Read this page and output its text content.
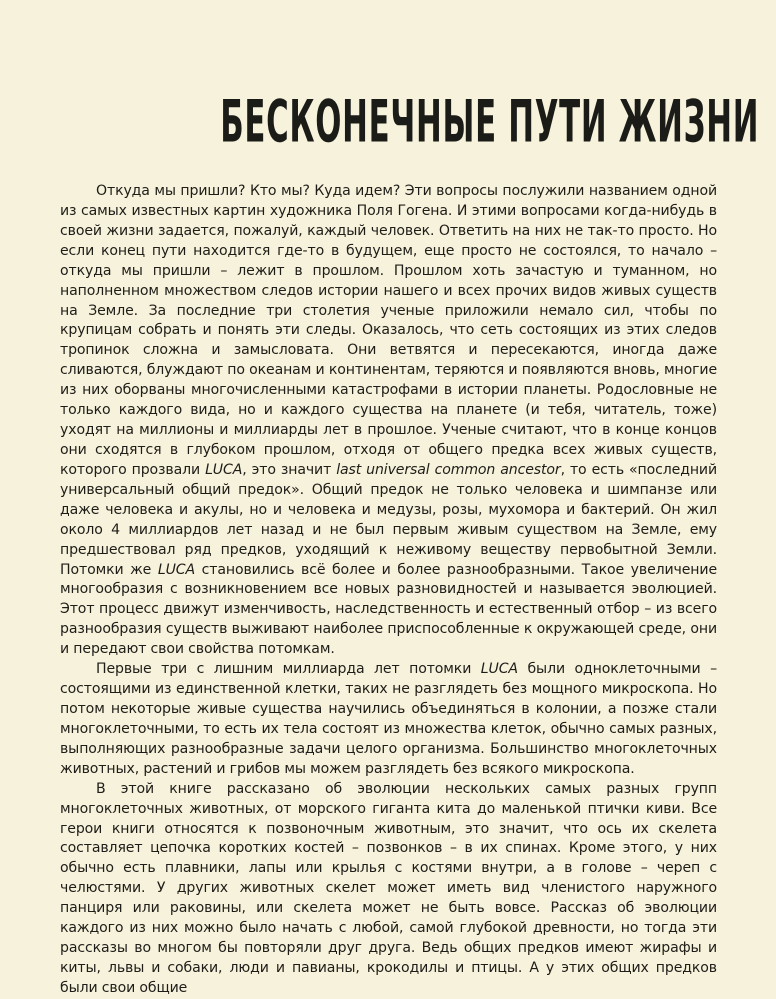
БЕСКОНЕЧНЫЕ ПУТИ ЖИЗНИ

Откуда мы пришли? Кто мы? Куда идем? Эти вопросы послужили названием одной из самых известных картин художника Поля Гогена. И этими вопросами когда-нибудь в своей жизни задается, пожалуй, каждый человек. Ответить на них не так-то просто. Но если конец пути находится где-то в будущем, еще просто не состоялся, то начало – откуда мы пришли – лежит в прошлом. Прошлом хоть зачастую и туманном, но наполненном множеством следов истории нашего и всех прочих видов живых существ на Земле. За последние три столетия ученые приложили немало сил, чтобы по крупицам собрать и понять эти следы. Оказалось, что сеть состоящих из этих следов тропинок сложна и замысловата. Они ветвятся и пересекаются, иногда даже сливаются, блуждают по океанам и континентам, теряются и появляются вновь, многие из них оборваны многочисленными катастрофами в истории планеты. Родословные не только каждого вида, но и каждого существа на планете (и тебя, читатель, тоже) уходят на миллионы и миллиарды лет в прошлое. Ученые считают, что в конце концов они сходятся в глубоком прошлом, отходя от общего предка всех живых существ, которого прозвали LUCA, это значит last universal common ancestor, то есть «последний универсальный общий предок». Общий предок не только человека и шимпанзе или даже человека и акулы, но и человека и медузы, розы, мухомора и бактерий. Он жил около 4 миллиардов лет назад и не был первым живым существом на Земле, ему предшествовал ряд предков, уходящий к неживому веществу первобытной Земли. Потомки же LUCA становились всё более и более разнообразными. Такое увеличение многообразия с возникновением все новых разновидностей и называется эволюцией. Этот процесс движут изменчивость, наследственность и естественный отбор – из всего разнообразия существ выживают наиболее приспособленные к окружающей среде, они и передают свои свойства потомкам.

Первые три с лишним миллиарда лет потомки LUCA были одноклеточными – состоящими из единственной клетки, таких не разглядеть без мощного микроскопа. Но потом некоторые живые существа научились объединяться в колонии, а позже стали многоклеточными, то есть их тела состоят из множества клеток, обычно самых разных, выполняющих разнообразные задачи целого организма. Большинство многоклеточных животных, растений и грибов мы можем разглядеть без всякого микроскопа.

В этой книге рассказано об эволюции нескольких самых разных групп многоклеточных животных, от морского гиганта кита до маленькой птички киви. Все герои книги относятся к позвоночным животным, это значит, что ось их скелета составляет цепочка коротких костей – позвонков – в их спинах. Кроме этого, у них обычно есть плавники, лапы или крылья с костями внутри, а в голове – череп с челюстями. У других животных скелет может иметь вид членистого наружного панциря или раковины, или скелета может не быть вовсе. Рассказ об эволюции каждого из них можно было начать с любой, самой глубокой древности, но тогда эти рассказы во многом бы повторяли друг друга. Ведь общих предков имеют жирафы и киты, львы и собаки, люди и павианы, крокодилы и птицы. А у этих общих предков были свои общие
